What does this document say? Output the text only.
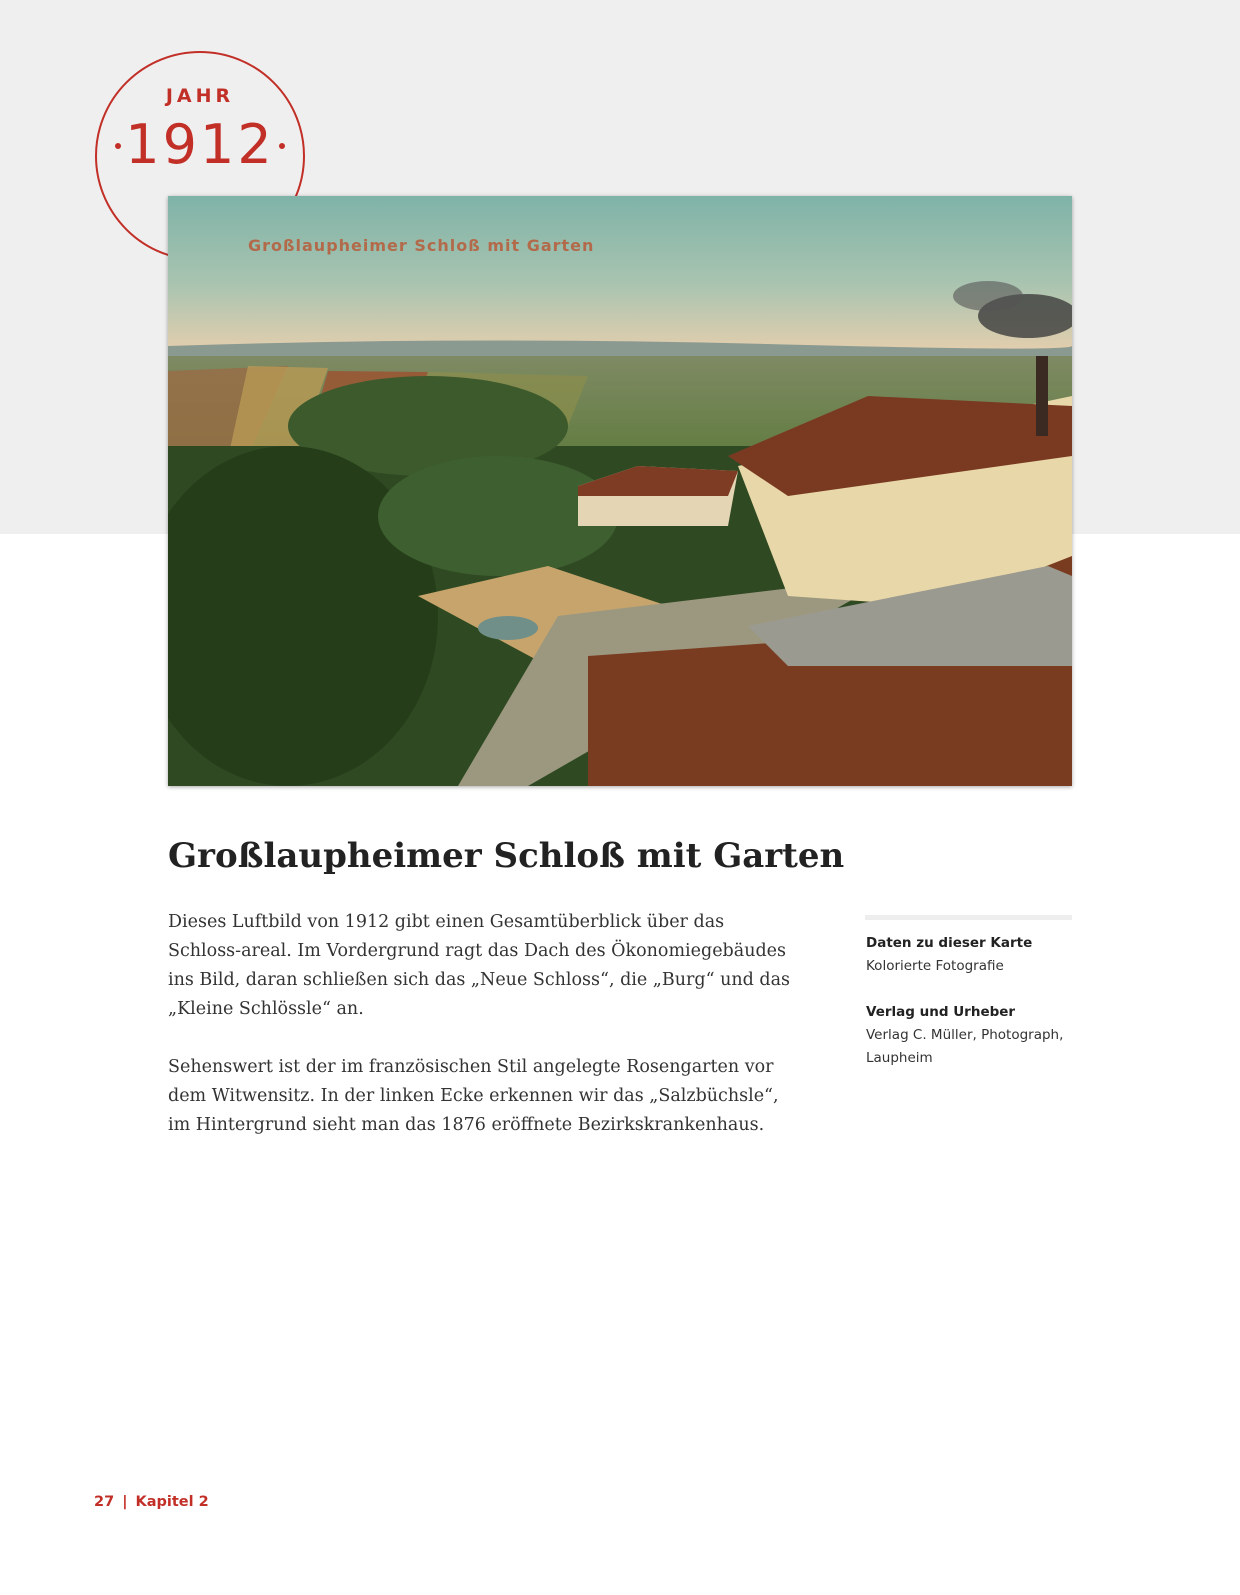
JAHR
1912
Großlaupheimer Schloß mit Garten
Großlaupheimer Schloß mit Garten

Dieses Luftbild von 1912 gibt einen Gesamtüberblick über das Schloss-areal. Im Vordergrund ragt das Dach des Ökonomiegebäudes ins Bild, daran schließen sich das „Neue Schloss“, die „Burg“ und das „Kleine Schlössle“ an.

Sehenswert ist der im französischen Stil angelegte Rosengarten vor dem Witwensitz. In der linken Ecke erkennen wir das „Salzbüchsle“, im Hintergrund sieht man das 1876 eröffnete Bezirkskrankenhaus.

Daten zu dieser Karte
Kolorierte Fotografie
Verlag und Urheber
Verlag C. Müller, Photograph, Laupheim
27 | Kapitel 2
